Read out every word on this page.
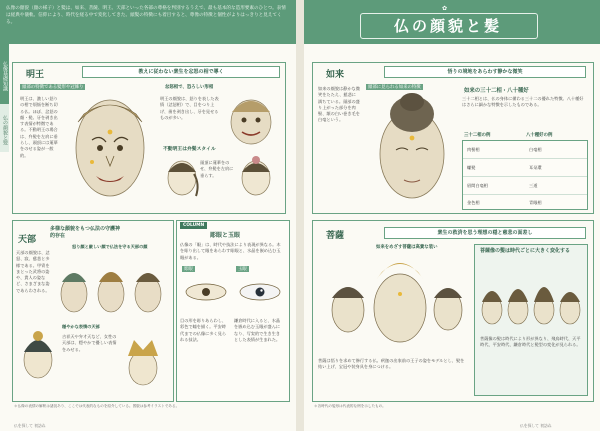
仏像の顔貌（顔の様子）と髪は、如来、菩薩、明王、天部といった各部の尊格を判別するうえで、最も基本的な造形要素のひとつ。表情は経典や儀軌、信仰により、時代を経る中で変化してきた。頭髪の特徴にも着目すると、尊像の特徴と個性がよりはっきりと見えてくる。	仏の顔貌と髪
✿
仏像基礎知識
仏の顔貌と髪
明王	教えに従わない衆生を忿怒の相で導く
頭部の特徴である髪形や冠飾り	忿怒相で、恐ろしい形相
明王は、激しい怒りの相で煩悩を断ち切る仏。ほぼ、忿怒の顔・髪。牙を剥き出す表情が特徴である。不動明王の場合は、弁髪を左肩に垂らし、頭頂には蓮華をのせる姿が一般的。
明王の顔貌は、怒りを表した表情（忿怒相）で、目をつり上げ、歯を剥き出し、牙を見せるものが多い。
不動明王は弁髪スタイル
頭頂に蓮華をのせ、弁髪を左肩に垂らす。
天部
多様な顔貌をもつ仏法の守護神的存在
天部の顔貌は、忿怒、寂、慈悲と多様である。甲冑をまとった武将の姿や、貴人の姿など、さまざまな姿であらわされる。
怒り顔と厳しい顔で仏法を守る天部の顔
穏やかな表情の天部
吉祥天や弁才天など、女性の天部は、穏やかで優しい表情をみせる。
COLUMN
彫眼と玉眼
仏像の「眼」は、時代や技法により表現が異なる。木を彫り出して眼をあらわす彫眼と、水晶を嵌め込む玉眼がある。
彫眼	玉眼
目の形を彫りあらわし、彩色で瞳を描く。平安時代までの仏像に多く見られる技法。
鎌倉時代に入ると、水晶を嵌め込む玉眼が盛んになり、写実的で生き生きとした表情が生まれた。
如来	悟りの境地をあらわす静かな微笑
如来の顔貌は静かな微笑をたたえ、慈悲に満ちている。頭部の盛り上がった部分を肉髻、額の白い巻き毛を白毫という。
頭部に見られる如来の特徴
如来の三十二相・八十種好
三十二相とは、仏の身体に備わる三十二の優れた特徴。八十種好はさらに細かな特徴を示したものである。
三十二相の例	八十種好の例
肉髻相	白毫相
螺髪	耳朶環
眉間白毫相	三道
金色相	青眼相
菩薩	衆生の救済を思う理想の穏と慈悲の面差し
如来をめざす菩薩は高貴な装い
菩薩は悟りを求めて修行する仏。釈迦の出家前の王子の姿をモデルとし、髪を結い上げ、宝冠や装身具を身につける。
菩薩像の髪は時代ごとに大きく変化する
菩薩像の髪は時代により形が異なり、飛鳥時代、天平時代、平安時代、鎌倉時代と髪型の変化が見られる。
＊仏像の表情の解釈は諸説あり、ここでは代表的なものを紹介している。図版は参考イラストである。	＊各時代の髪形は代表的な例を示したもの。
仏を探して 初訪ね	仏を探して 初訪ね
